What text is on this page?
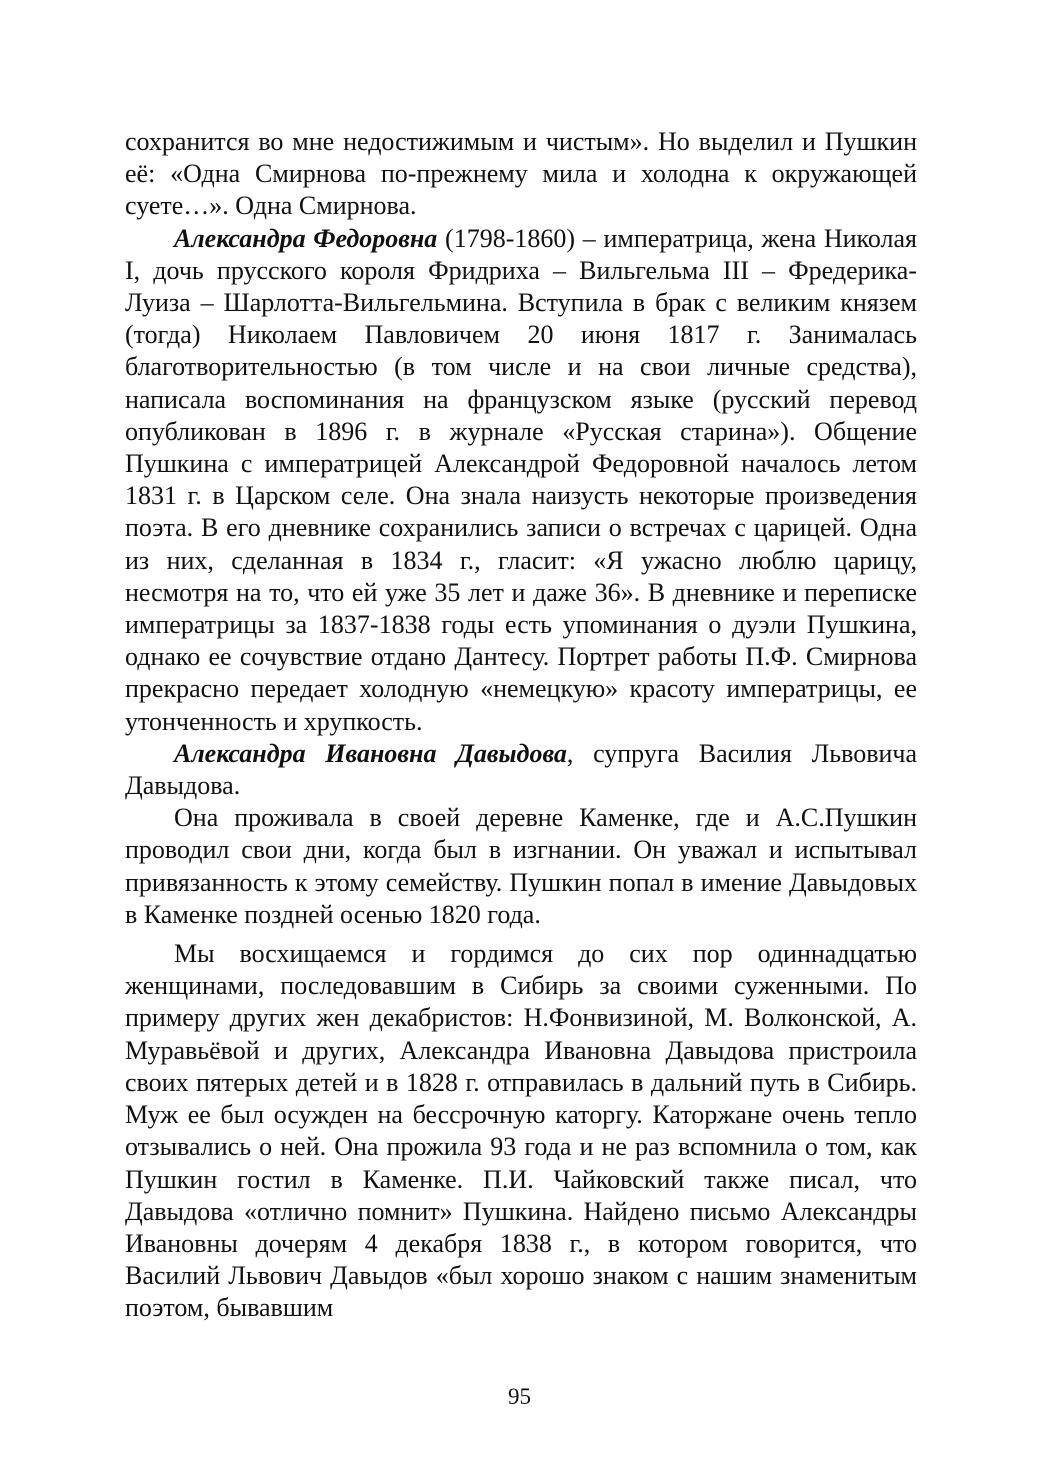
сохранится во мне недостижимым и чистым». Но выделил и Пушкин её: «Одна Смирнова по-прежнему мила и холодна к окружающей суете…». Одна Смирнова.

Александра Федоровна (1798-1860) – императрица, жена Николая I, дочь прусского короля Фридриха – Вильгельма III – Фредерика-Луиза – Шарлотта-Вильгельмина. Вступила в брак с великим князем (тогда) Николаем Павловичем 20 июня 1817 г. Занималась благотворительностью (в том числе и на свои личные средства), написала воспоминания на французском языке (русский перевод опубликован в 1896 г. в журнале «Русская старина»). Общение Пушкина с императрицей Александрой Федоровной началось летом 1831 г. в Царском селе. Она знала наизусть некоторые произведения поэта. В его дневнике сохранились записи о встречах с царицей. Одна из них, сделанная в 1834 г., гласит: «Я ужасно люблю царицу, несмотря на то, что ей уже 35 лет и даже 36». В дневнике и переписке императрицы за 1837-1838 годы есть упоминания о дуэли Пушкина, однако ее сочувствие отдано Дантесу. Портрет работы П.Ф. Смирнова прекрасно передает холодную «немецкую» красоту императрицы, ее утонченность и хрупкость.

Александра Ивановна Давыдова, супруга Василия Львовича Давыдова.

Она проживала в своей деревне Каменке, где и А.С.Пушкин проводил свои дни, когда был в изгнании. Он уважал и испытывал привязанность к этому семейству. Пушкин попал в имение Давыдовых в Каменке поздней осенью 1820 года.

Мы восхищаемся и гордимся до сих пор одиннадцатью женщинами, последовавшим в Сибирь за своими суженными. По примеру других жен декабристов: Н.Фонвизиной, М. Волконской, А. Муравьёвой и других, Александра Ивановна Давыдова пристроила своих пятерых детей и в 1828 г. отправилась в дальний путь в Сибирь. Муж ее был осужден на бессрочную каторгу. Каторжане очень тепло отзывались о ней. Она прожила 93 года и не раз вспомнила о том, как Пушкин гостил в Каменке. П.И. Чайковский также писал, что Давыдова «отлично помнит» Пушкина. Найдено письмо Александры Ивановны дочерям 4 декабря 1838 г., в котором говорится, что Василий Львович Давыдов «был хорошо знаком с нашим знаменитым поэтом, бывавшим

95
